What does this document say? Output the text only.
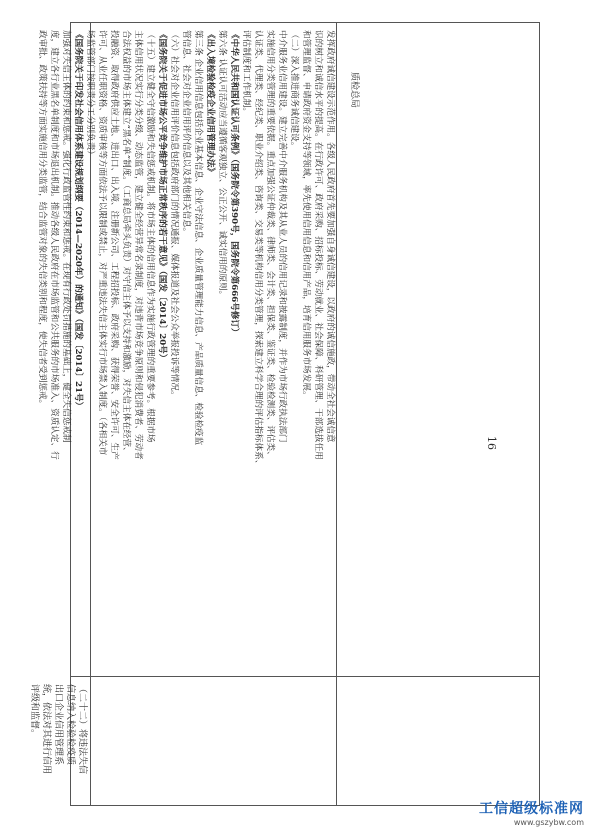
发挥政府诚信建设示范作用。各级人民政府首先要加强自身诚信建设，以政府的诚信施政，带动全社会诚信意
识的树立和诚信水平的提高。在行政许可、政府采购、招标投标、劳动就业、社会保障、科研管理、干部选拔任用
和管理监督、申请政府资金支持等领域，率先使用信用信息和信用产品，培育信用服务市场发展。
（二）深入推进商务诚信建设。
中介服务业信用建设。建立完善中介服务机构及其从业人员的信用记录和披露制度，并作为市场行政执法部门
实施信用分类管理的重要依据。重点加强公证仲裁类、律师类、会计类、担保类、鉴证类、检验检测类、评估类、
认证类、代理类、经纪类、职业介绍类、咨询类、交易类等机构信用分类管理，探索建立科学合理的评估指标体系、
评估制度和工作机制。
《中华人民共和国认证认可条例》（国务院令第390号，国务院令第666号修订）
第六条 认证认可活动应当遵循客观独立、公正公开、诚实信用的原则。
《出入境检验检疫企业信用管理办法》
第三条 企业信用信息包括企业基本信息、企业守法信息、企业质量管理能力信息、产品质量信息、检验检疫监
管信息、社会对企业信用评价信息以及其他相关信息。
（六）社会对企业信用评价信息包括政府部门的情况通报、媒体报道及社会公众举报投诉等情况。
《国务院关于促进市场公平竞争维护市场正常秩序的若干意见》（国发〔2014〕20号）
（十五）建立健全守信激励和失信惩戒机制。将市场主体的信用信息作为实施行政管理的重要参考。根据市场
主体信用状况实行分类分级、动态监管，建立健全经营异常名录制度，对违背市场竞争原则和侵犯消费者、劳动者
合法权益的市场主体建立“黑名单”制度。（工商总局牵头负责）对守信主体予以支持和激励，对失信主体在经营、
投融资、取得政府供应土地、进出口、出入境、注册新公司、工程招投标、政府采购、获得荣誉、安全许可、生产
许可、从业任职资格、资质审核等方面依法予以限制或禁止，对严重违法失信主体实行市场禁入制度。（各相关市
场监管部门按职责分工分别负责）
《国务院关于印发社会信用体系建设规划纲要（2014—2020年）的通知》（国发〔2014〕21号）
加强对失信主体的约束和惩戒。强化行政监管性约束和惩戒。在现有行政处罚措施的基础上，健全失信惩戒制
度，建立各行业黑名单制度和市场退出机制。推动各级人民政府在市场监管和公共服务的市场准入、资质认定、行
政审批、政策扶持等方面实施信用分类监管，结合监管对象的失信类别和程度，使失信者受到惩戒。	质检总局
（二十二）将违法失信
信息纳入检验检疫质
出口企业信用管理系
统，依法对其进行信用
评级和监督。
16
工信超级标准网
www.gszybw.com
